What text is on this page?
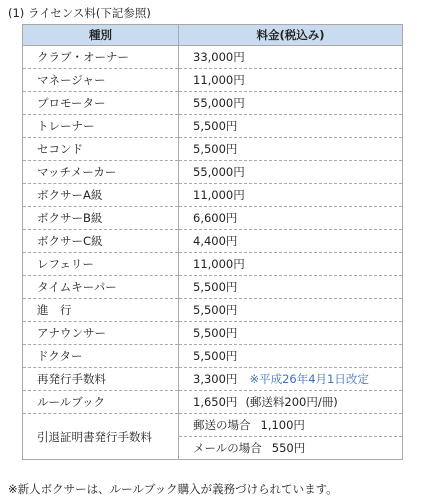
(1) ライセンス料(下記参照)
種別	料金(税込み)
クラブ・オーナー	33,000円
マネージャー	11,000円
プロモーター	55,000円
トレーナー	5,500円
セコンド	5,500円
マッチメーカー	55,000円
ボクサーA級	11,000円
ボクサーB級	6,600円
ボクサーC級	4,400円
レフェリー	11,000円
タイムキーパー	5,500円
進　行	5,500円
アナウンサー	5,500円
ドクター	5,500円
再発行手数料	3,300円 ※平成26年4月1日改定
ルールブック	1,650円 (郵送料200円/冊)
引退証明書発行手数料	郵送の場合 1,100円
	メールの場合 550円
※新人ボクサーは、ルールブック購入が義務づけられています。
